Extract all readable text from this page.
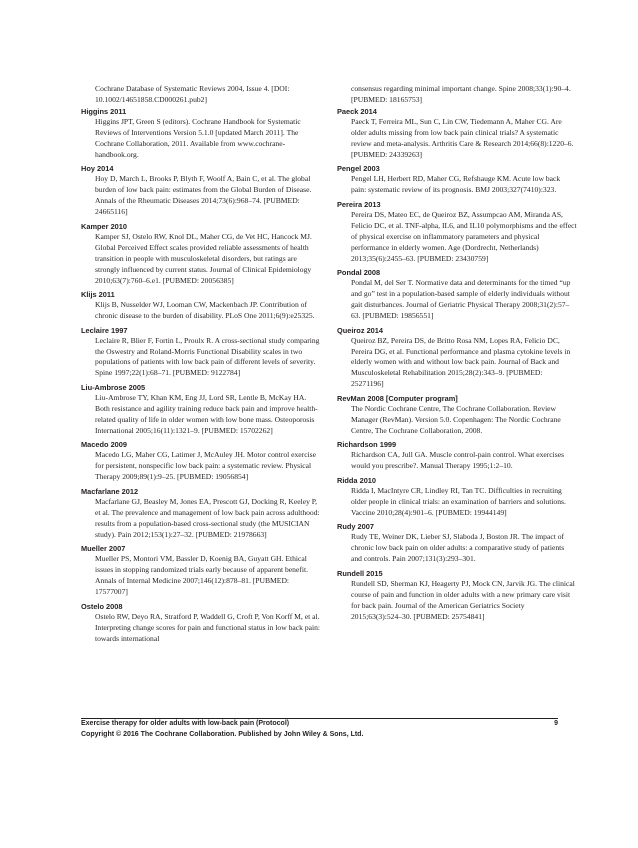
Cochrane Database of Systematic Reviews 2004, Issue 4. [DOI: 10.1002/14651858.CD000261.pub2]

Higgins 2011

Higgins JPT, Green S (editors). Cochrane Handbook for Systematic Reviews of Interventions Version 5.1.0 [updated March 2011]. The Cochrane Collaboration, 2011. Available from www.cochrane-handbook.org.

Hoy 2014

Hoy D, March L, Brooks P, Blyth F, Woolf A, Bain C, et al. The global burden of low back pain: estimates from the Global Burden of Disease. Annals of the Rheumatic Diseases 2014;73(6):968–74. [PUBMED: 24665116]

Kamper 2010

Kamper SJ, Ostelo RW, Knol DL, Maher CG, de Vet HC, Hancock MJ. Global Perceived Effect scales provided reliable assessments of health transition in people with musculoskeletal disorders, but ratings are strongly influenced by current status. Journal of Clinical Epidemiology 2010;63(7):760–6.e1. [PUBMED: 20056385]

Klijs 2011

Klijs B, Nusselder WJ, Looman CW, Mackenbach JP. Contribution of chronic disease to the burden of disability. PLoS One 2011;6(9):e25325.

Leclaire 1997

Leclaire R, Blier F, Fortin L, Proulx R. A cross-sectional study comparing the Oswestry and Roland-Morris Functional Disability scales in two populations of patients with low back pain of different levels of severity. Spine 1997;22(1):68–71. [PUBMED: 9122784]

Liu-Ambrose 2005

Liu-Ambrose TY, Khan KM, Eng JJ, Lord SR, Lentle B, McKay HA. Both resistance and agility training reduce back pain and improve health-related quality of life in older women with low bone mass. Osteoporosis International 2005;16(11):1321–9. [PUBMED: 15702262]

Macedo 2009

Macedo LG, Maher CG, Latimer J, McAuley JH. Motor control exercise for persistent, nonspecific low back pain: a systematic review. Physical Therapy 2009;89(1):9–25. [PUBMED: 19056854]

Macfarlane 2012

Macfarlane GJ, Beasley M, Jones EA, Prescott GJ, Docking R, Keeley P, et al. The prevalence and management of low back pain across adulthood: results from a population-based cross-sectional study (the MUSICIAN study). Pain 2012;153(1):27–32. [PUBMED: 21978663]

Mueller 2007

Mueller PS, Montori VM, Bassler D, Koenig BA, Guyatt GH. Ethical issues in stopping randomized trials early because of apparent benefit. Annals of Internal Medicine 2007;146(12):878–81. [PUBMED: 17577007]

Ostelo 2008

Ostelo RW, Deyo RA, Stratford P, Waddell G, Croft P, Von Korff M, et al. Interpreting change scores for pain and functional status in low back pain: towards international

consensus regarding minimal important change. Spine 2008;33(1):90–4. [PUBMED: 18165753]

Paeck 2014

Paeck T, Ferreira ML, Sun C, Lin CW, Tiedemann A, Maher CG. Are older adults missing from low back pain clinical trials? A systematic review and meta-analysis. Arthritis Care & Research 2014;66(8):1220–6. [PUBMED: 24339263]

Pengel 2003

Pengel LH, Herbert RD, Maher CG, Refshauge KM. Acute low back pain: systematic review of its prognosis. BMJ 2003;327(7410):323.

Pereira 2013

Pereira DS, Mateo EC, de Queiroz BZ, Assumpcao AM, Miranda AS, Felicio DC, et al. TNF-alpha, IL6, and IL10 polymorphisms and the effect of physical exercise on inflammatory parameters and physical performance in elderly women. Age (Dordrecht, Netherlands) 2013;35(6):2455–63. [PUBMED: 23430759]

Pondal 2008

Pondal M, del Ser T. Normative data and determinants for the timed “up and go” test in a population-based sample of elderly individuals without gait disturbances. Journal of Geriatric Physical Therapy 2008;31(2):57–63. [PUBMED: 19856551]

Queiroz 2014

Queiroz BZ, Pereira DS, de Britto Rosa NM, Lopes RA, Felicio DC, Pereira DG, et al. Functional performance and plasma cytokine levels in elderly women with and without low back pain. Journal of Back and Musculoskeletal Rehabilitation 2015;28(2):343–9. [PUBMED: 25271196]

RevMan 2008 [Computer program]

The Nordic Cochrane Centre, The Cochrane Collaboration. Review Manager (RevMan). Version 5.0. Copenhagen: The Nordic Cochrane Centre, The Cochrane Collaboration, 2008.

Richardson 1999

Richardson CA, Jull GA. Muscle control-pain control. What exercises would you prescribe?. Manual Therapy 1995;1:2–10.

Ridda 2010

Ridda I, MacIntyre CR, Lindley RI, Tan TC. Difficulties in recruiting older people in clinical trials: an examination of barriers and solutions. Vaccine 2010;28(4):901–6. [PUBMED: 19944149]

Rudy 2007

Rudy TE, Weiner DK, Lieber SJ, Slaboda J, Boston JR. The impact of chronic low back pain on older adults: a comparative study of patients and controls. Pain 2007;131(3):293–301.

Rundell 2015

Rundell SD, Sherman KJ, Heagerty PJ, Mock CN, Jarvik JG. The clinical course of pain and function in older adults with a new primary care visit for back pain. Journal of the American Geriatrics Society 2015;63(3):524–30. [PUBMED: 25754841]

Exercise therapy for older adults with low-back pain (Protocol)	9
Copyright © 2016 The Cochrane Collaboration. Published by John Wiley & Sons, Ltd.
